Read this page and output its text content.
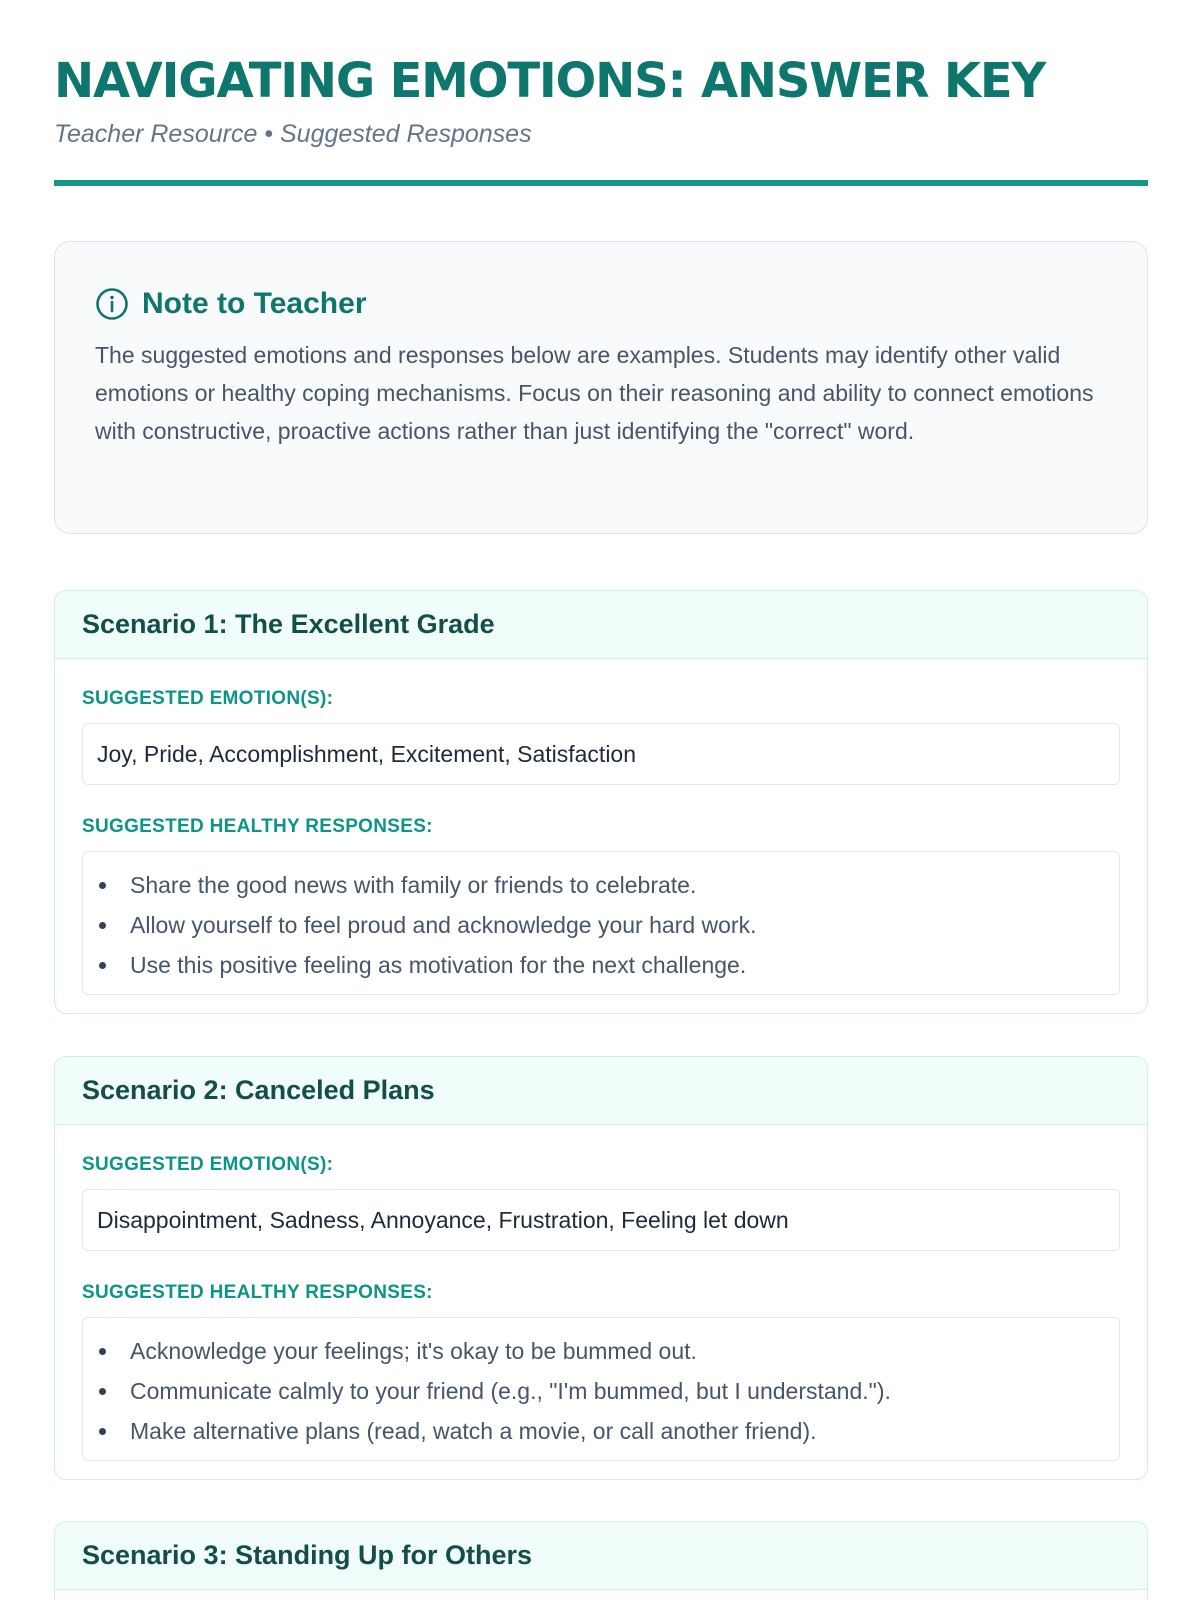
NAVIGATING EMOTIONS: ANSWER KEY
Teacher Resource • Suggested Responses
Note to Teacher
The suggested emotions and responses below are examples. Students may identify other valid emotions or healthy coping mechanisms. Focus on their reasoning and ability to connect emotions with constructive, proactive actions rather than just identifying the "correct" word.
Scenario 1: The Excellent Grade
SUGGESTED EMOTION(S):
Joy, Pride, Accomplishment, Excitement, Satisfaction
SUGGESTED HEALTHY RESPONSES:
Share the good news with family or friends to celebrate.
Allow yourself to feel proud and acknowledge your hard work.
Use this positive feeling as motivation for the next challenge.
Scenario 2: Canceled Plans
SUGGESTED EMOTION(S):
Disappointment, Sadness, Annoyance, Frustration, Feeling let down
SUGGESTED HEALTHY RESPONSES:
Acknowledge your feelings; it's okay to be bummed out.
Communicate calmly to your friend (e.g., "I'm bummed, but I understand.").
Make alternative plans (read, watch a movie, or call another friend).
Scenario 3: Standing Up for Others
